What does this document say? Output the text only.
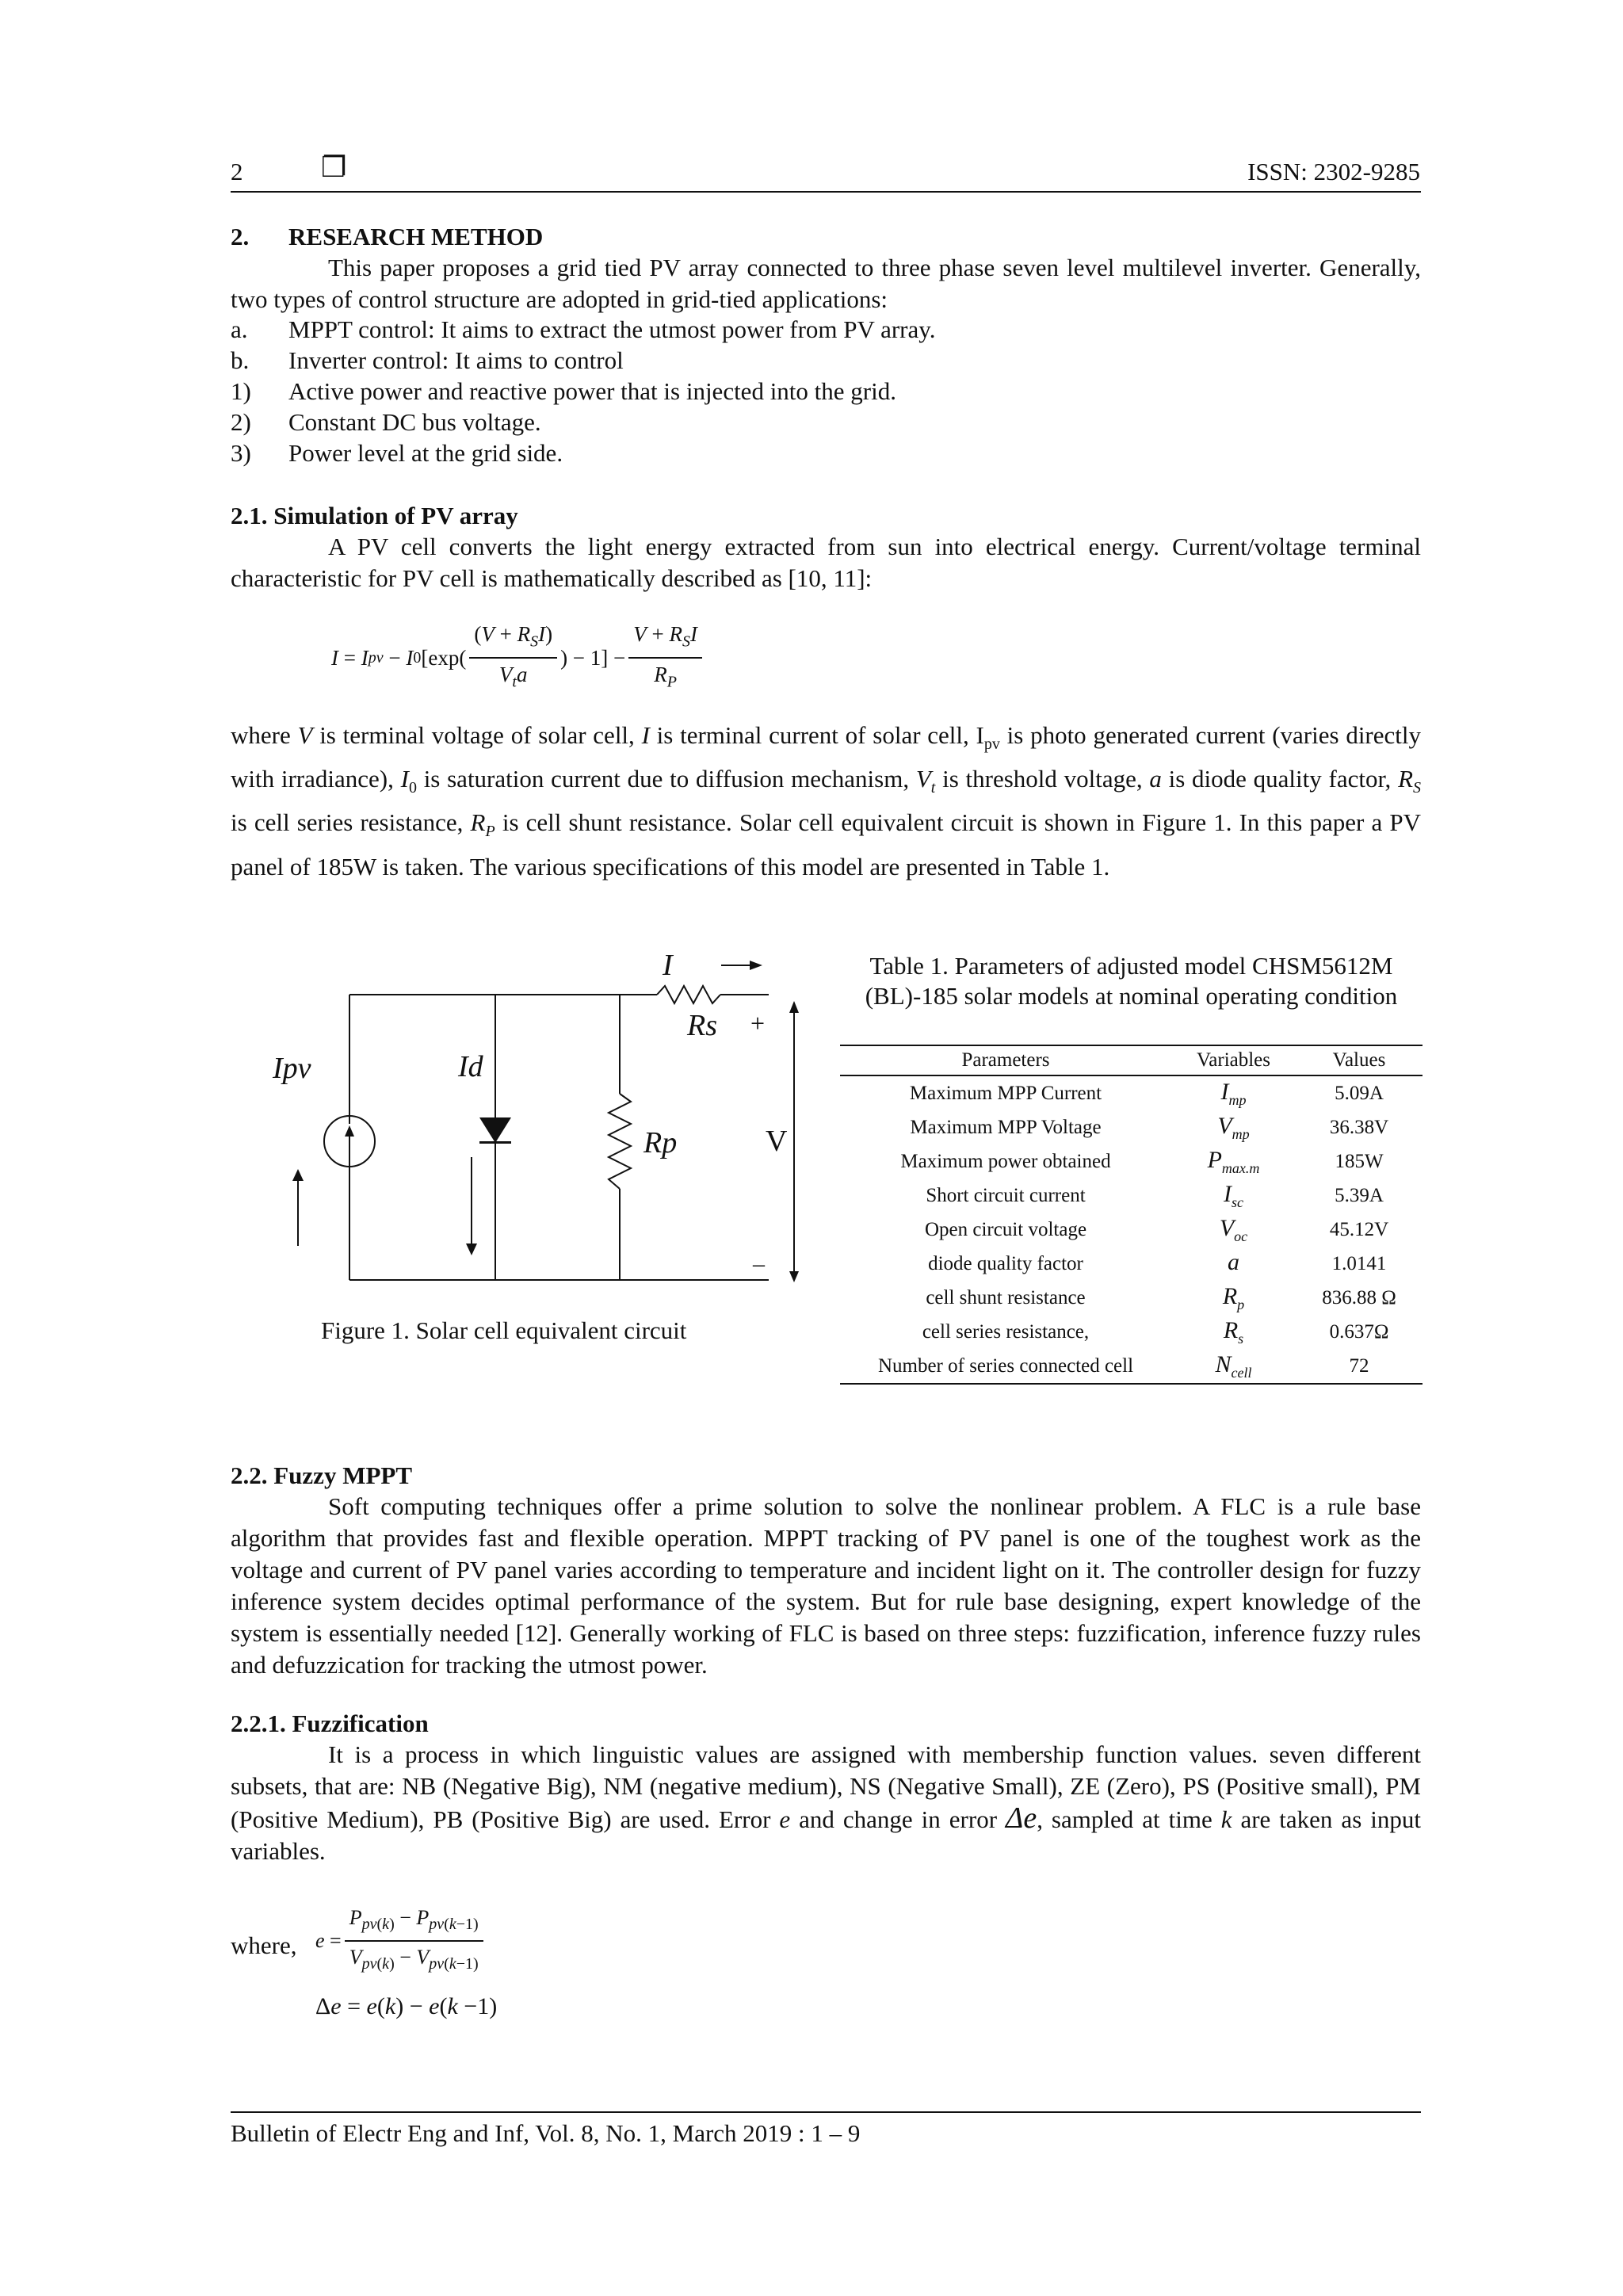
2	❐	ISSN: 2302-9285
2. RESEARCH METHOD
This paper proposes a grid tied PV array connected to three phase seven level multilevel inverter. Generally, two types of control structure are adopted in grid-tied applications:
a. MPPT control: It aims to extract the utmost power from PV array.
b. Inverter control: It aims to control
1) Active power and reactive power that is injected into the grid.
2) Constant DC bus voltage.
3) Power level at the grid side.
2.1. Simulation of PV array
A PV cell converts the light energy extracted from sun into electrical energy. Current/voltage terminal characteristic for PV cell is mathematically described as [10, 11]:
I = I pv − I 0 [$\exp( \frac{(V + R_SI)}{V_ta}$ ) − $1] - \frac{V + R_SI}{R_P}$
where V is terminal voltage of solar cell, I is terminal current of solar cell, $I_{pv}$ is photo generated current (varies directly with irradiance), $I_0$ is saturation current due to diffusion mechanism, $V_t$ is threshold voltage, a is diode quality factor, $R_S$ is cell series resistance, $R_P$ is cell shunt resistance. Solar cell equivalent circuit is shown in Figure 1. In this paper a PV panel of 185W is taken. The various specifications of this model are presented in Table 1.
I
Rs +
Ipv	Id
Rp	V
–
Figure 1. Solar cell equivalent circuit
Table 1. Parameters of adjusted model CHSM5612M (BL)-185 solar models at nominal operating condition
Parameters	Variables	Values
Maximum MPP Current	$I_{mp}$	5.09A
Maximum MPP Voltage	$V_{mp}$	36.38V
Maximum power obtained	$P_{max.m}$	185W
Short circuit current	$I_{sc}$	5.39A
Open circuit voltage	$V_{oc}$	45.12V
diode quality factor	a	1.0141
cell shunt resistance	$R_p$	836.88 Ω
cell series resistance,	$R_s$	0.637Ω
Number of series connected cell	$N_{cell}$	72
2.2. Fuzzy MPPT
Soft computing techniques offer a prime solution to solve the nonlinear problem. A FLC is a rule base algorithm that provides fast and flexible operation. MPPT tracking of PV panel is one of the toughest work as the voltage and current of PV panel varies according to temperature and incident light on it. The controller design for fuzzy inference system decides optimal performance of the system. But for rule base designing, expert knowledge of the system is essentially needed [12]. Generally working of FLC is based on three steps: fuzzification, inference fuzzy rules and defuzzication for tracking the utmost power.
2.2.1. Fuzzification
It is a process in which linguistic values are assigned with membership function values. seven different subsets, that are: NB (Negative Big), NM (negative medium), NS (Negative Small), ZE (Zero), PS (Positive small), PM (Positive Medium), PB (Positive Big) are used. Error e and change in error Δe, sampled at time k are taken as input variables.
where, $e = \frac{P_{pv(k)} - P_{pv(k-1)}}{V_{pv(k)} - V_{pv(k-1)}}$
Δe = e(k) − e(k −1)
Bulletin of Electr Eng and Inf, Vol. 8, No. 1, March 2019 : 1 – 9
